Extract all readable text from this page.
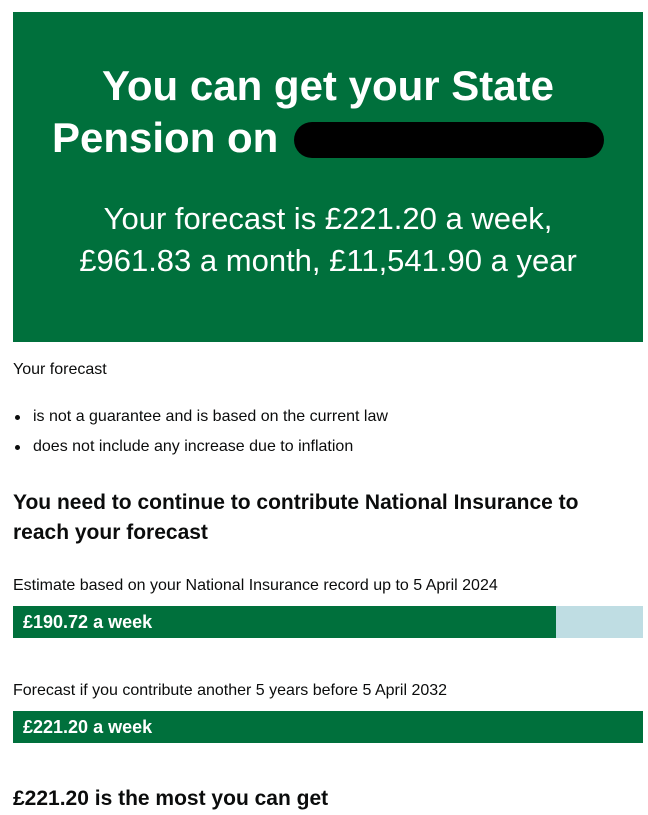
You can get your State
Pension on

Your forecast is £221.20 a week,
£961.83 a month, £11,541.90 a year

Your forecast

is not a guarantee and is based on the current law
does not include any increase due to inflation
You need to continue to contribute National Insurance to reach your forecast

Estimate based on your National Insurance record up to 5 April 2024

£190.72 a week

Forecast if you contribute another 5 years before 5 April 2032

£221.20 a week
£221.20 is the most you can get
